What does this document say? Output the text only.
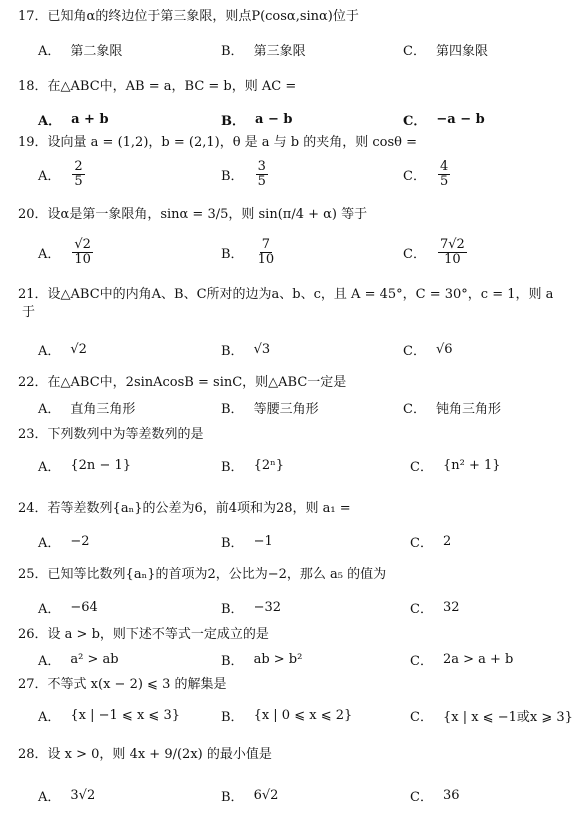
17．已知角α的终边位于第三象限，则点P(cosα,sinα)位于
A． 第二象限	B． 第三象限	C． 第四象限
18．在△ABC中，AB = a，BC = b，则 AC =
A． a + b	B． a − b	C． −a − b
19．设向量 a = (1,2)，b = (2,1)，θ 是 a 与 b 的夹角，则 cosθ =
A． $\frac{2}{5}$	B． $\frac{3}{5}$	C． $\frac{4}{5}$
20．设α是第一象限角，sinα = 3/5，则 sin(π/4 + α) 等于
A． $\frac{√2}{10}$	B． $\frac{7}{10}$	C． $\frac{7√2}{10}$
21．设△ABC中的内角A、B、C所对的边为a、b、c，且 A = 45°，C = 30°，c = 1，则 a
于
A． √2	B． √3	C． √6
22．在△ABC中，2sinAcosB = sinC，则△ABC一定是
A． 直角三角形	B． 等腰三角形	C． 钝角三角形
23．下列数列中为等差数列的是
A． {2n − 1}	B． {2ⁿ}	C． {n² + 1}
24．若等差数列{aₙ}的公差为6，前4项和为28，则 a₁ =
A． −2	B． −1	C． 2
25．已知等比数列{aₙ}的首项为2，公比为−2，那么 a₅ 的值为
A． −64	B． −32	C． 32
26．设 a > b，则下述不等式一定成立的是
A． a² > ab	B． ab > b²	C． 2a > a + b
27．不等式 x(x − 2) ⩽ 3 的解集是
A． {x | −1 ⩽ x ⩽ 3}	B． {x | 0 ⩽ x ⩽ 2}	C． {x | x ⩽ −1或x ⩾ 3}
28．设 x > 0，则 4x + 9/(2x) 的最小值是
A． 3√2	B． 6√2	C． 36
